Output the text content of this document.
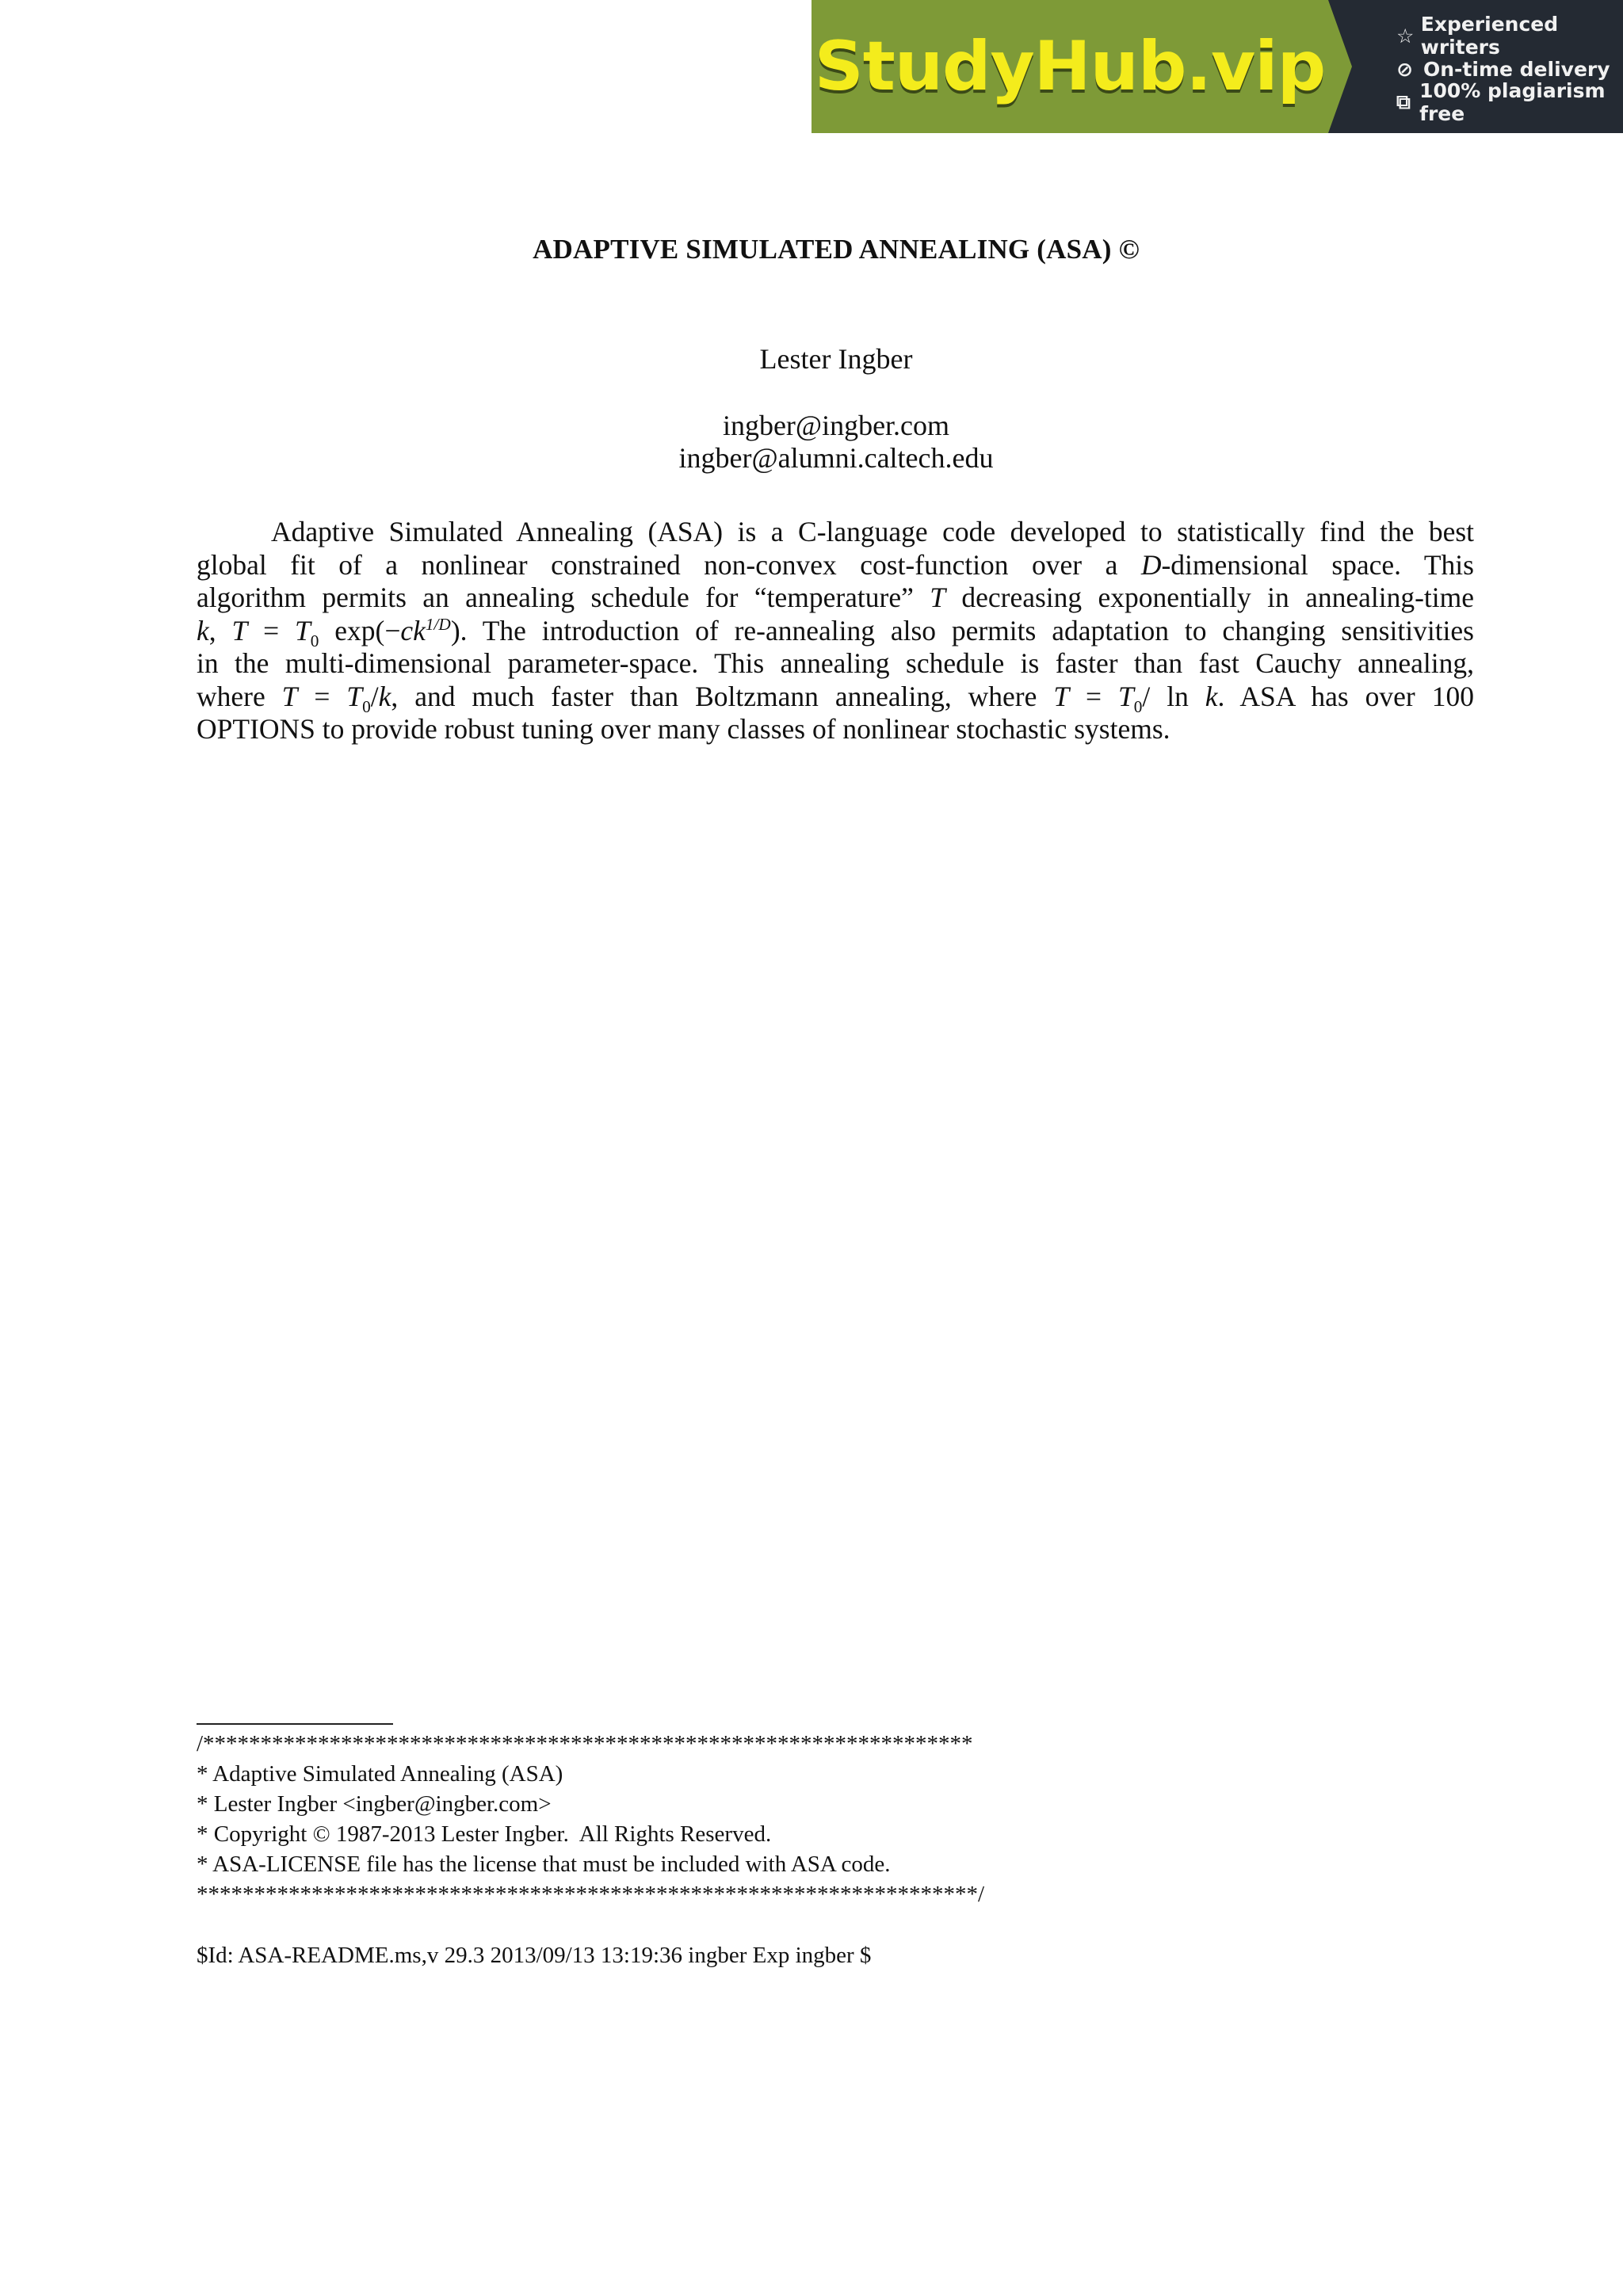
StudyHub.vip	☆ Experienced writers
⊘ On-time delivery
⧉ 100% plagiarism free
ADAPTIVE SIMULATED ANNEALING (ASA) ©
Lester Ingber
ingber@ingber.com
ingber@alumni.caltech.edu
Adaptive Simulated Annealing (ASA) is a C-language code developed to statistically find the best
global fit of a nonlinear constrained non-convex cost-function over a D-dimensional space. This
algorithm permits an annealing schedule for “temperature” T decreasing exponentially in annealing-time
k, $T = T_0$ $\exp(-ck^{1/D})$. The introduction of re-annealing also permits adaptation to changing sensitivities
in the multi-dimensional parameter-space. This annealing schedule is faster than fast Cauchy annealing,
where $T = T_0/k$, and much faster than Boltzmann annealing, where $T = T_0/$ ln k. ASA has over 100
OPTIONS to provide robust tuning over many classes of nonlinear stochastic systems.
/*******************************************************************
* Adaptive Simulated Annealing (ASA)
* Lester Ingber <ingber@ingber.com>
* Copyright © 1987-2013 Lester Ingber.  All Rights Reserved.
* ASA-LICENSE file has the license that must be included with ASA code.
********************************************************************/
$Id: ASA-README.ms,v 29.3 2013/09/13 13:19:36 ingber Exp ingber $
